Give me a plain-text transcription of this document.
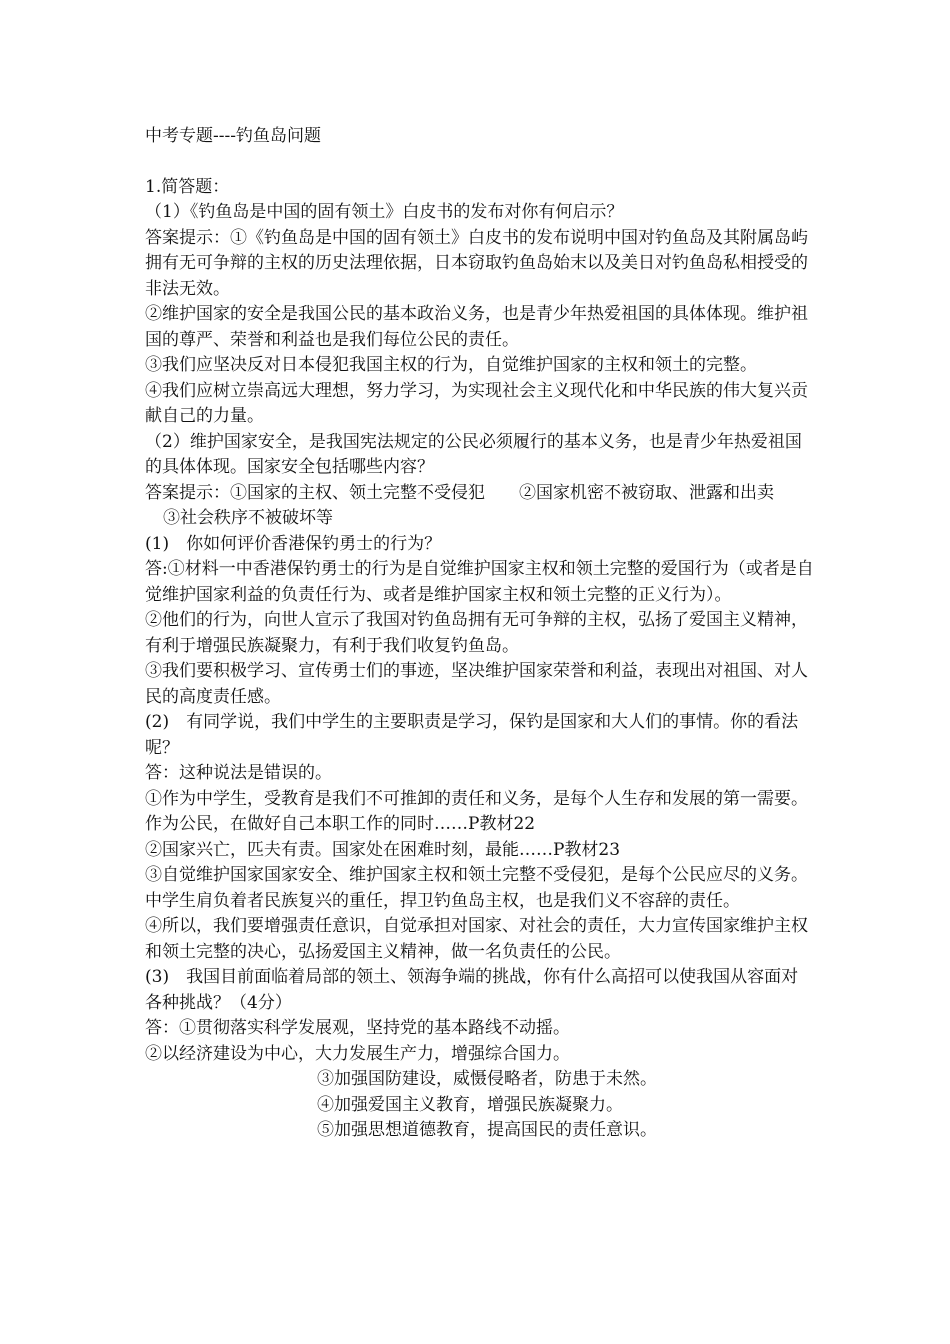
中考专题----钓鱼岛问题

1.简答题：

（1）《钓鱼岛是中国的固有领土》白皮书的发布对你有何启示？

答案提示：①《钓鱼岛是中国的固有领土》白皮书的发布说明中国对钓鱼岛及其附属岛屿拥有无可争辩的主权的历史法理依据，日本窃取钓鱼岛始末以及美日对钓鱼岛私相授受的非法无效。

②维护国家的安全是我国公民的基本政治义务，也是青少年热爱祖国的具体体现。维护祖国的尊严、荣誉和利益也是我们每位公民的责任。

③我们应坚决反对日本侵犯我国主权的行为，自觉维护国家的主权和领土的完整。

④我们应树立崇高远大理想，努力学习，为实现社会主义现代化和中华民族的伟大复兴贡献自己的力量。

（2）维护国家安全，是我国宪法规定的公民必须履行的基本义务，也是青少年热爱祖国的具体体现。国家安全包括哪些内容？

答案提示：①国家的主权、领土完整不受侵犯　　②国家机密不被窃取、泄露和出卖

③社会秩序不被破坏等

(1)　你如何评价香港保钓勇士的行为？

答:①材料一中香港保钓勇士的行为是自觉维护国家主权和领土完整的爱国行为（或者是自觉维护国家利益的负责任行为、或者是维护国家主权和领土完整的正义行为）。

②他们的行为，向世人宣示了我国对钓鱼岛拥有无可争辩的主权，弘扬了爱国主义精神，有利于增强民族凝聚力，有利于我们收复钓鱼岛。

③我们要积极学习、宣传勇士们的事迹，坚决维护国家荣誉和利益，表现出对祖国、对人民的高度责任感。

(2)　有同学说，我们中学生的主要职责是学习，保钓是国家和大人们的事情。你的看法呢？

答：这种说法是错误的。

①作为中学生，受教育是我们不可推卸的责任和义务，是每个人生存和发展的第一需要。作为公民，在做好自己本职工作的同时……P教材22

②国家兴亡，匹夫有责。国家处在困难时刻，最能……P教材23

③自觉维护国家国家安全、维护国家主权和领土完整不受侵犯，是每个公民应尽的义务。中学生肩负着者民族复兴的重任，捍卫钓鱼岛主权，也是我们义不容辞的责任。

④所以，我们要增强责任意识，自觉承担对国家、对社会的责任，大力宣传国家维护主权和领土完整的决心，弘扬爱国主义精神，做一名负责任的公民。

(3)　我国目前面临着局部的领土、领海争端的挑战，你有什么高招可以使我国从容面对各种挑战？（4分）

答：①贯彻落实科学发展观，坚持党的基本路线不动摇。

②以经济建设为中心，大力发展生产力，增强综合国力。

③加强国防建设，威慑侵略者，防患于未然。

④加强爱国主义教育，增强民族凝聚力。

⑤加强思想道德教育，提高国民的责任意识。
